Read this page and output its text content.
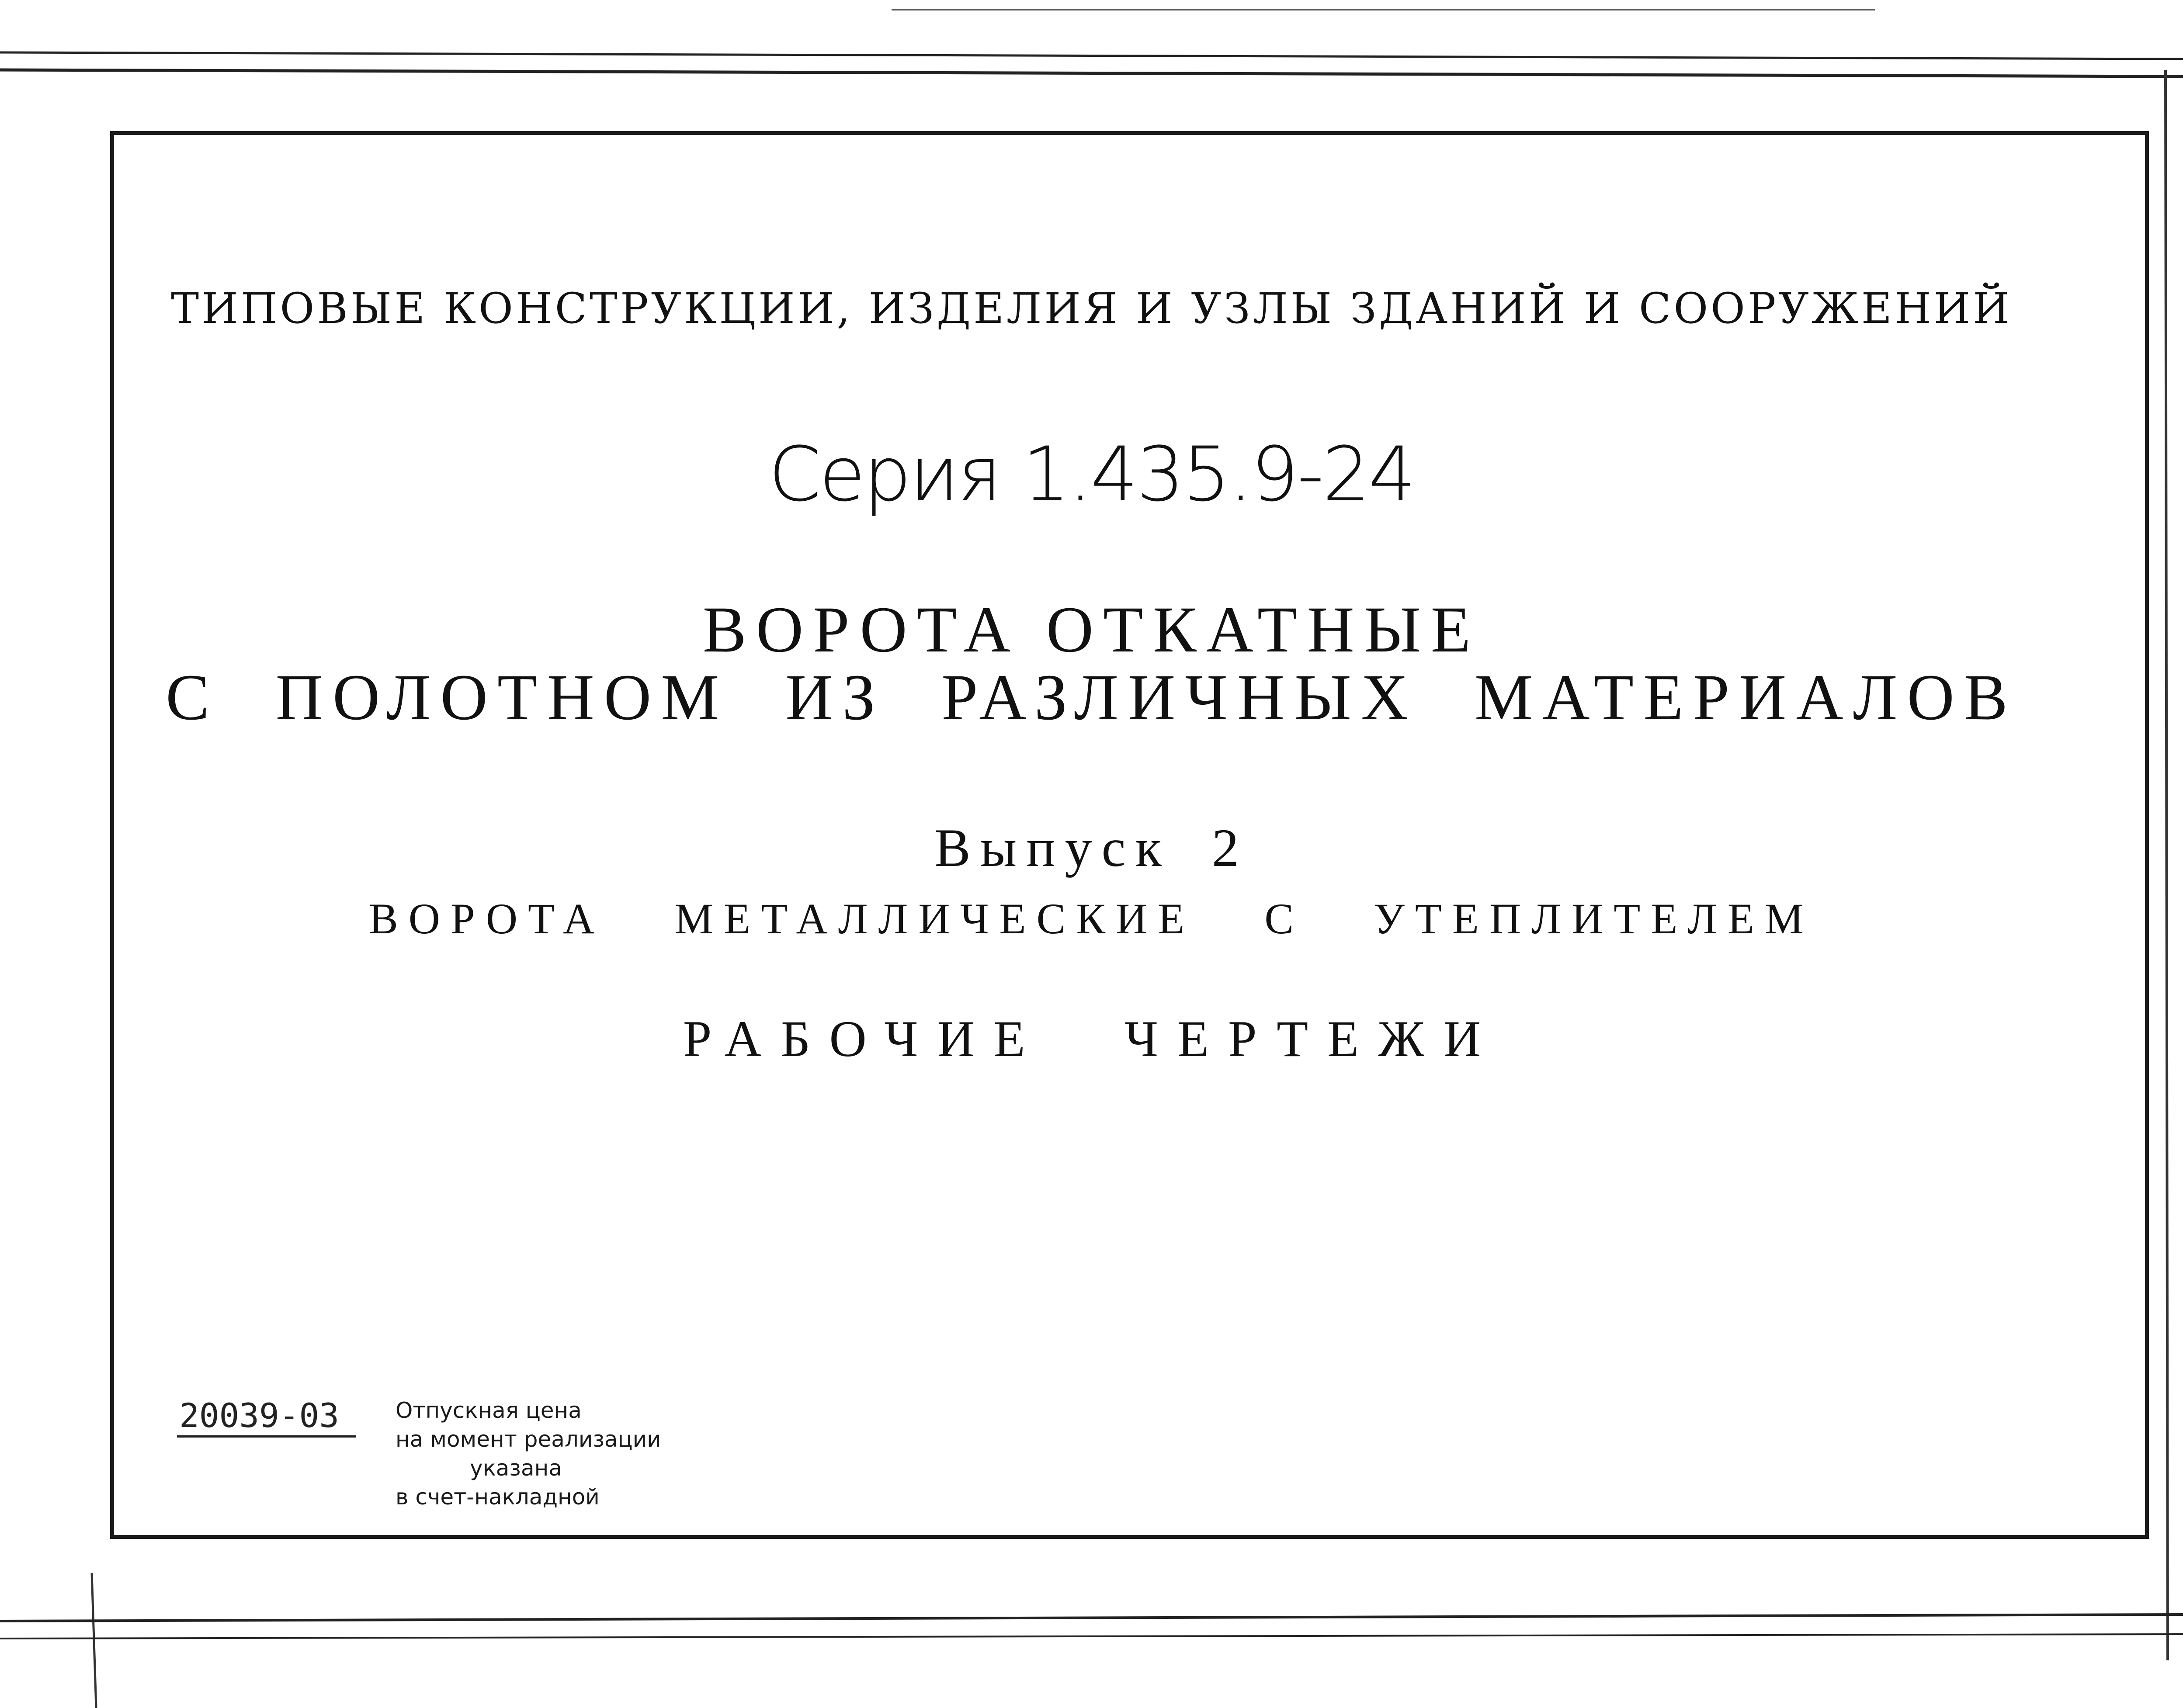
ТИПОВЫЕ КОНСТРУКЦИИ, ИЗДЕЛИЯ И УЗЛЫ ЗДАНИЙ И СООРУЖЕНИЙ
Серия 1.435.9-24
ВОРОТА ОТКАТНЫЕ
С ПОЛОТНОМ ИЗ РАЗЛИЧНЫХ МАТЕРИАЛОВ
Выпуск 2
ВОРОТА МЕТАЛЛИЧЕСКИЕ С УТЕПЛИТЕЛЕМ
РАБОЧИЕ ЧЕРТЕЖИ
20039-03	Отпускная цена
на момент реализации
указана
в счет-накладной
